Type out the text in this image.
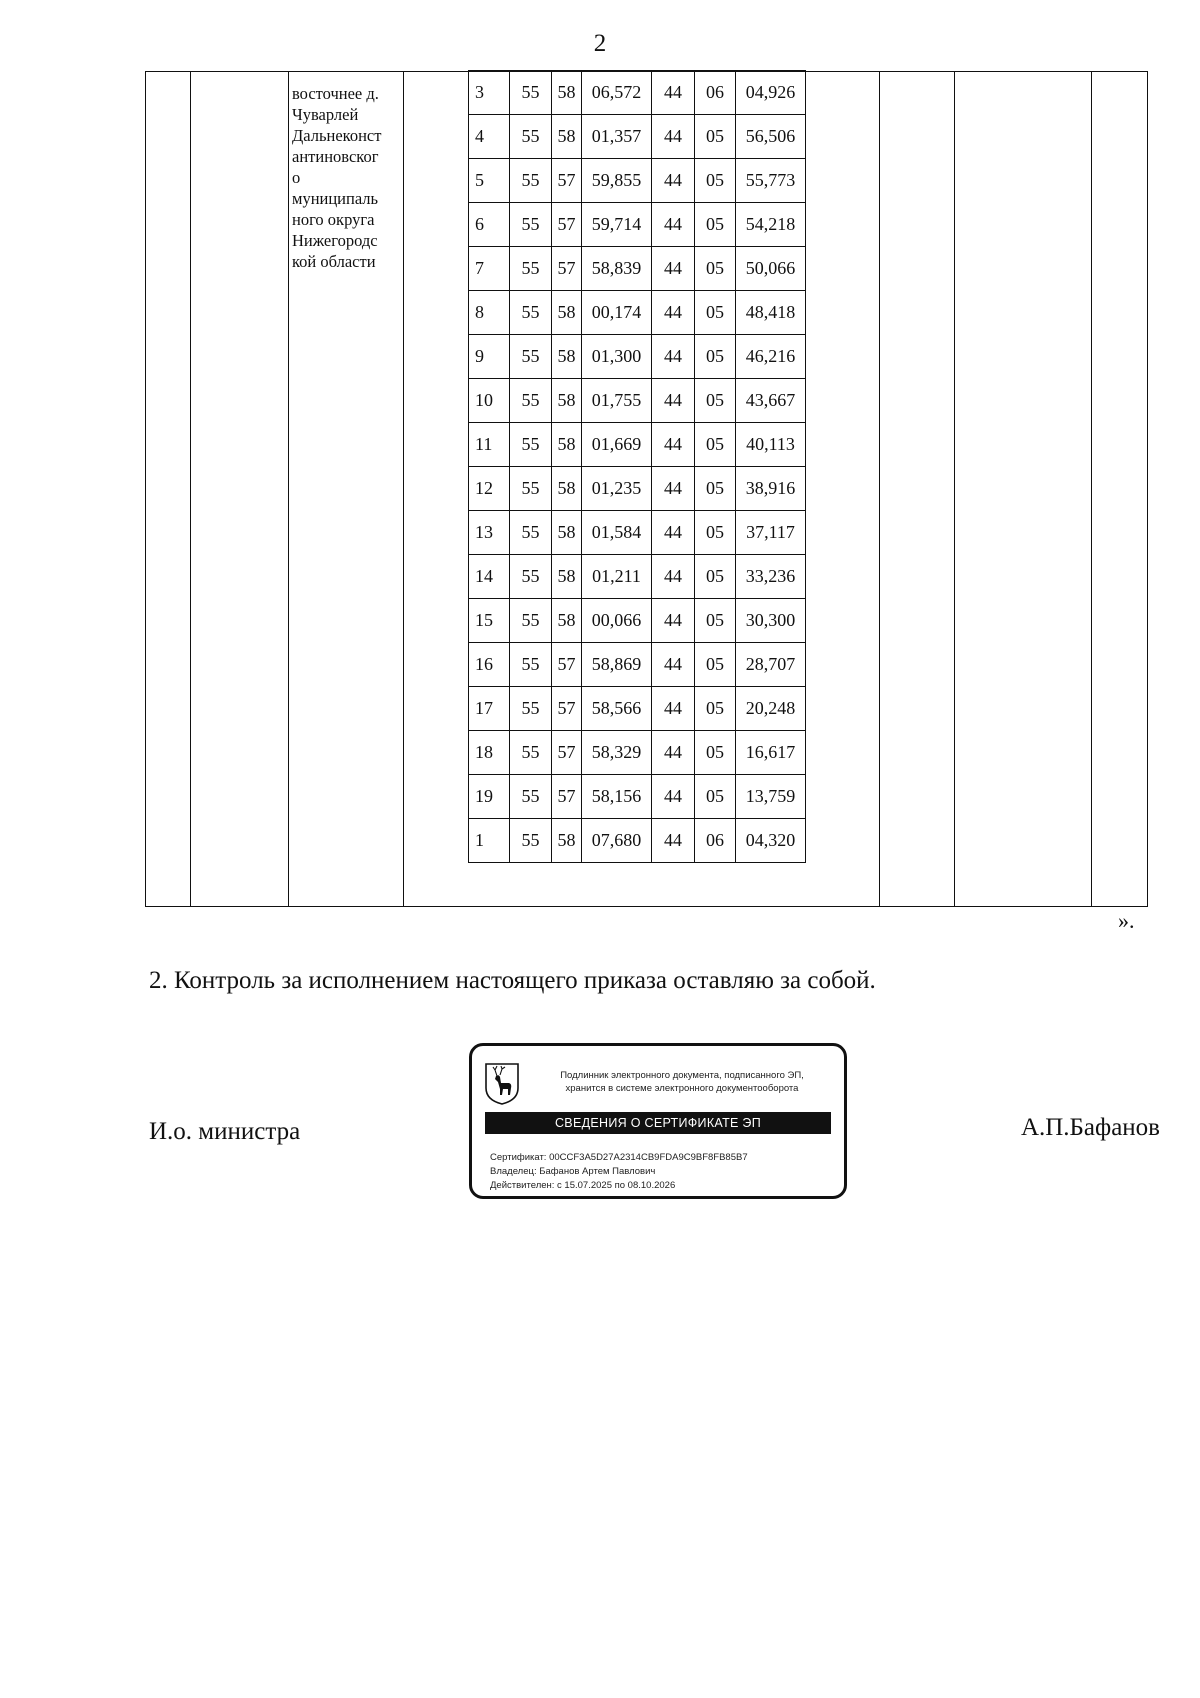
2
восточнее д.
Чуварлей
Дальнеконст
антиновског
о
муниципаль
ного округа
Нижегородс
кой области
3	55	58	06,572	44	06	04,926
4	55	58	01,357	44	05	56,506
5	55	57	59,855	44	05	55,773
6	55	57	59,714	44	05	54,218
7	55	57	58,839	44	05	50,066
8	55	58	00,174	44	05	48,418
9	55	58	01,300	44	05	46,216
10	55	58	01,755	44	05	43,667
11	55	58	01,669	44	05	40,113
12	55	58	01,235	44	05	38,916
13	55	58	01,584	44	05	37,117
14	55	58	01,211	44	05	33,236
15	55	58	00,066	44	05	30,300
16	55	57	58,869	44	05	28,707
17	55	57	58,566	44	05	20,248
18	55	57	58,329	44	05	16,617
19	55	57	58,156	44	05	13,759
1	55	58	07,680	44	06	04,320
».
2. Контроль за исполнением настоящего приказа оставляю за собой.
И.о. министра	А.П.Бафанов
Подлинник электронного документа, подписанного ЭП,
хранится в системе электронного документооборота
СВЕДЕНИЯ О СЕРТИФИКАТЕ ЭП
Сертификат: 00CCF3A5D27A2314CB9FDA9C9BF8FB85B7
Владелец: Бафанов Артем Павлович
Действителен: с 15.07.2025 по 08.10.2026
